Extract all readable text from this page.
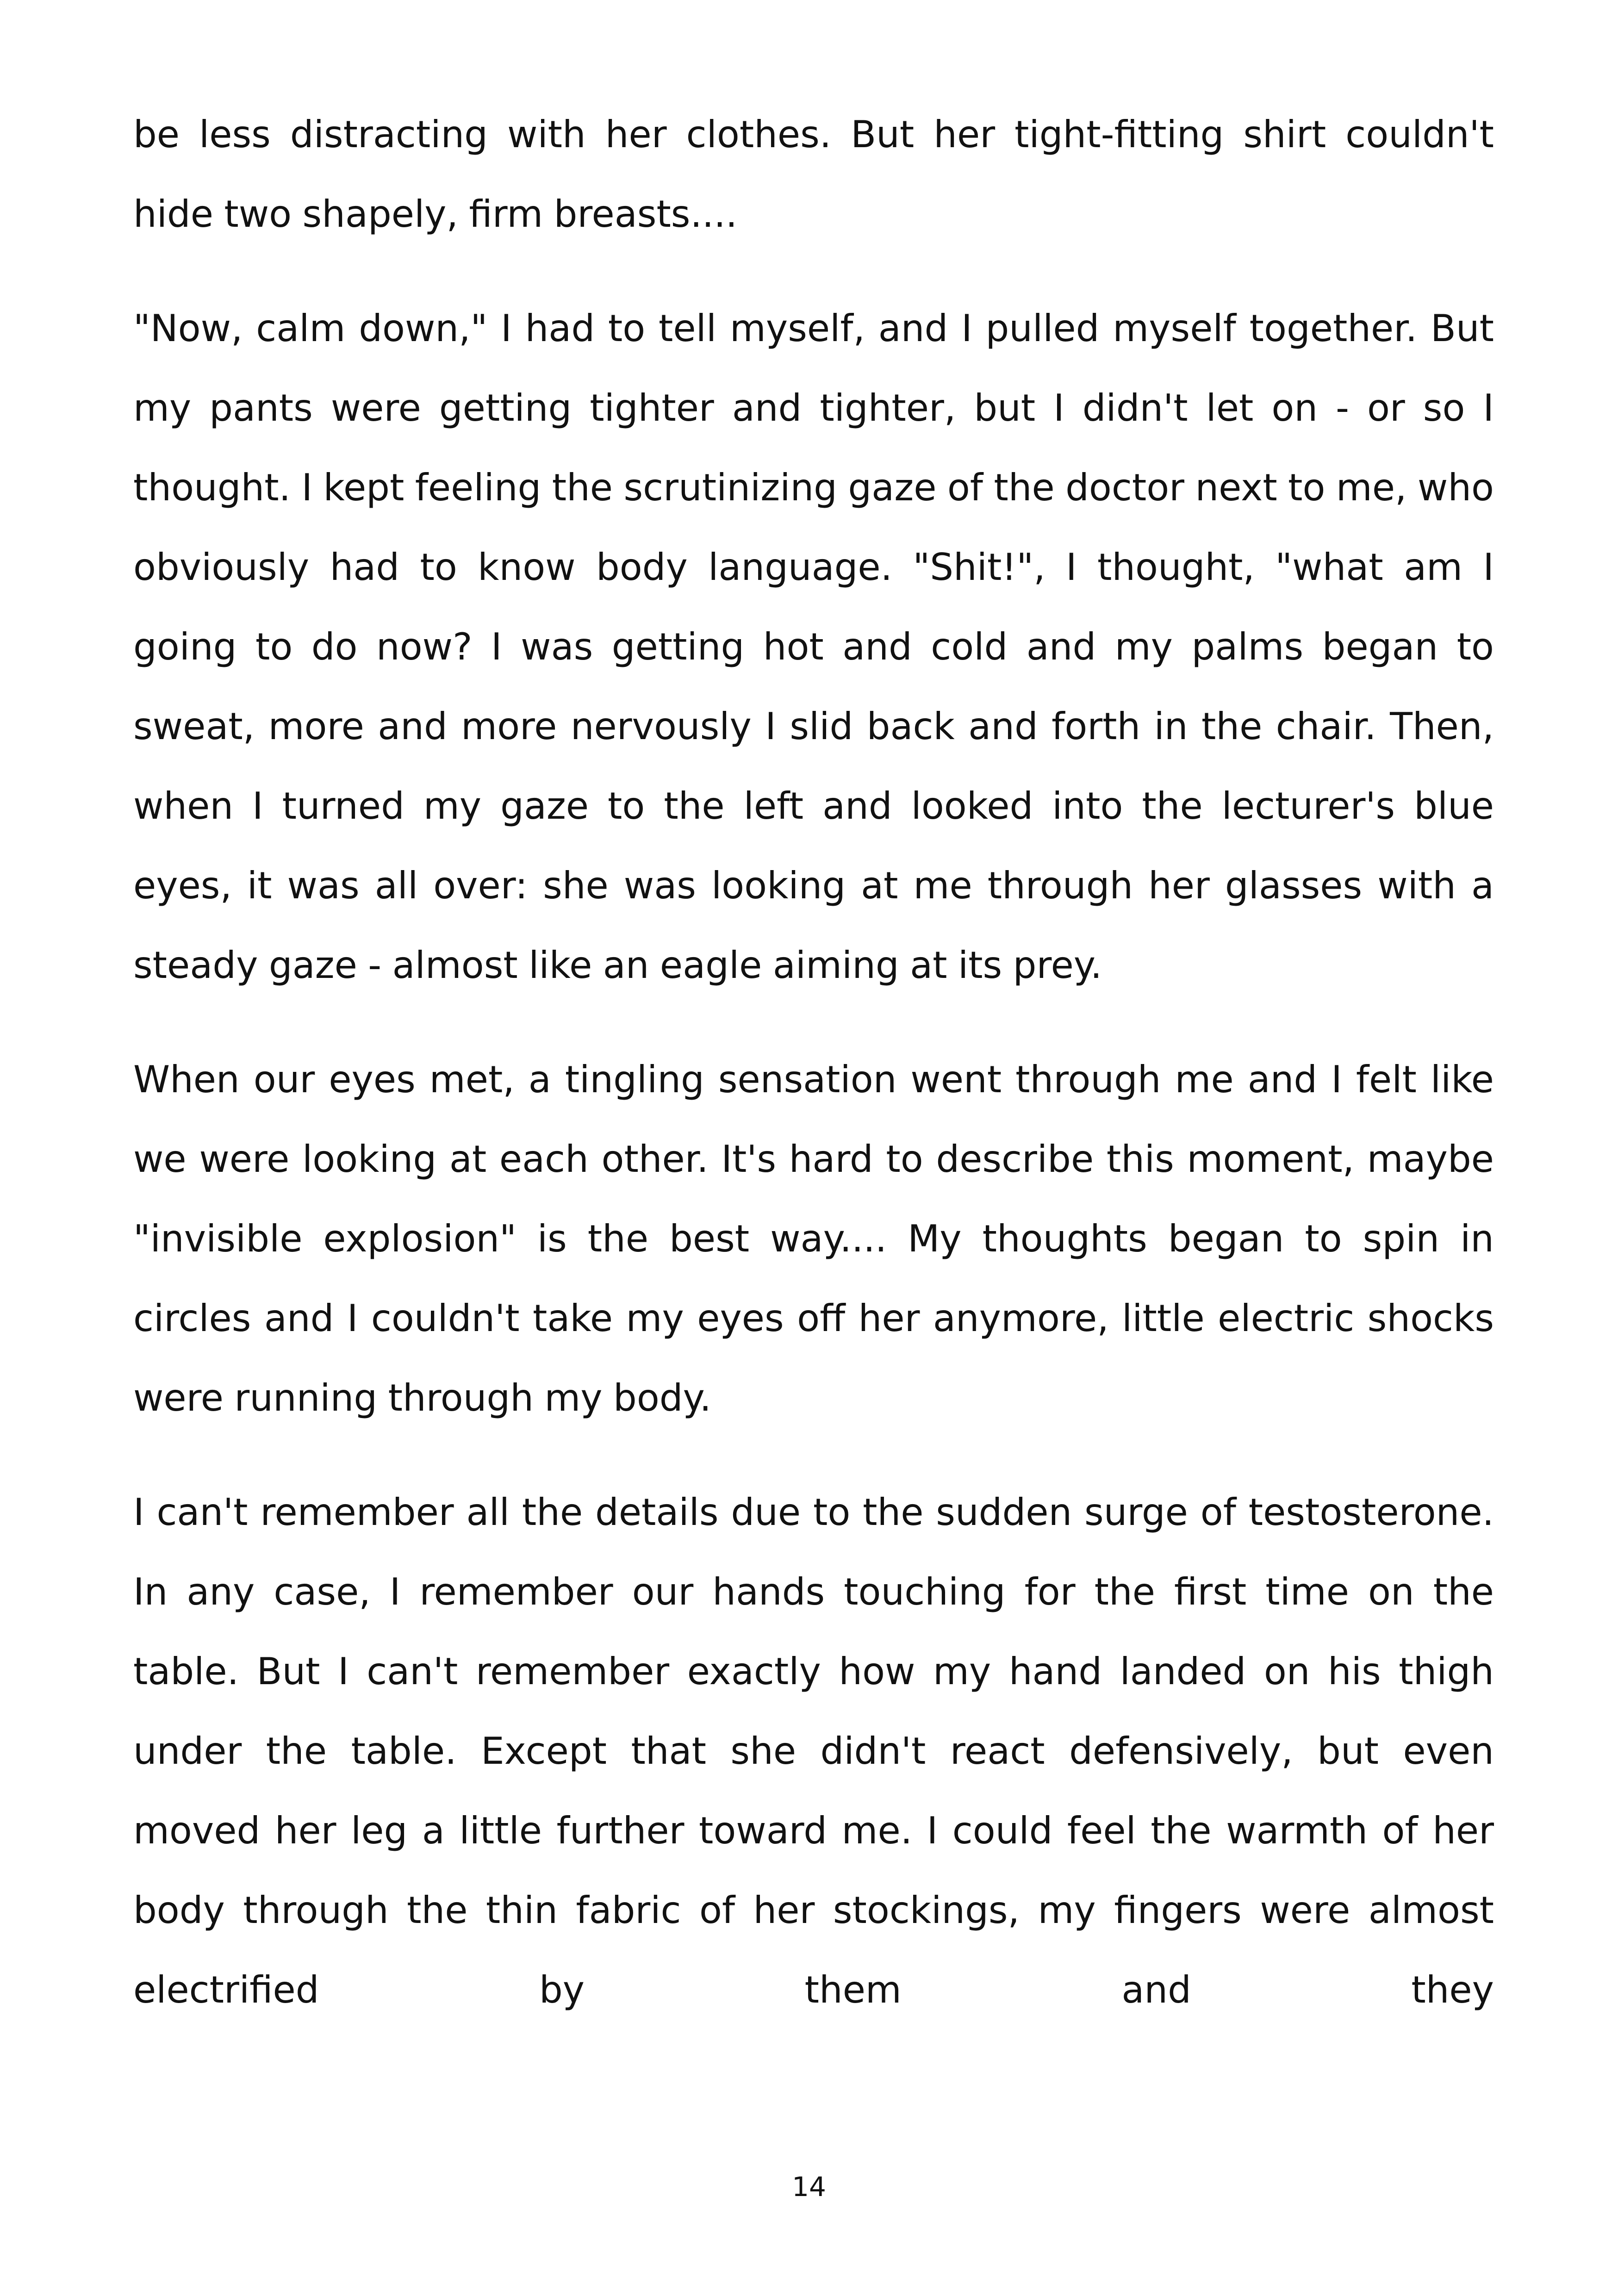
be less distracting with her clothes. But her tight-fitting shirt couldn't hide two shapely, firm breasts....

"Now, calm down," I had to tell myself, and I pulled myself together. But my pants were getting tighter and tighter, but I didn't let on - or so I thought. I kept feeling the scrutinizing gaze of the doctor next to me, who obviously had to know body language. "Shit!", I thought, "what am I going to do now? I was getting hot and cold and my palms began to sweat, more and more nervously I slid back and forth in the chair. Then, when I turned my gaze to the left and looked into the lecturer's blue eyes, it was all over: she was looking at me through her glasses with a steady gaze - almost like an eagle aiming at its prey.

When our eyes met, a tingling sensation went through me and I felt like we were looking at each other. It's hard to describe this moment, maybe "invisible explosion" is the best way.... My thoughts began to spin in circles and I couldn't take my eyes off her anymore, little electric shocks were running through my body.

I can't remember all the details due to the sudden surge of testosterone. In any case, I remember our hands touching for the first time on the table. But I can't remember exactly how my hand landed on his thigh under the table. Except that she didn't react defensively, but even moved her leg a little further toward me. I could feel the warmth of her body through the thin fabric of her stockings, my fingers were almost electrified by them and they

14
